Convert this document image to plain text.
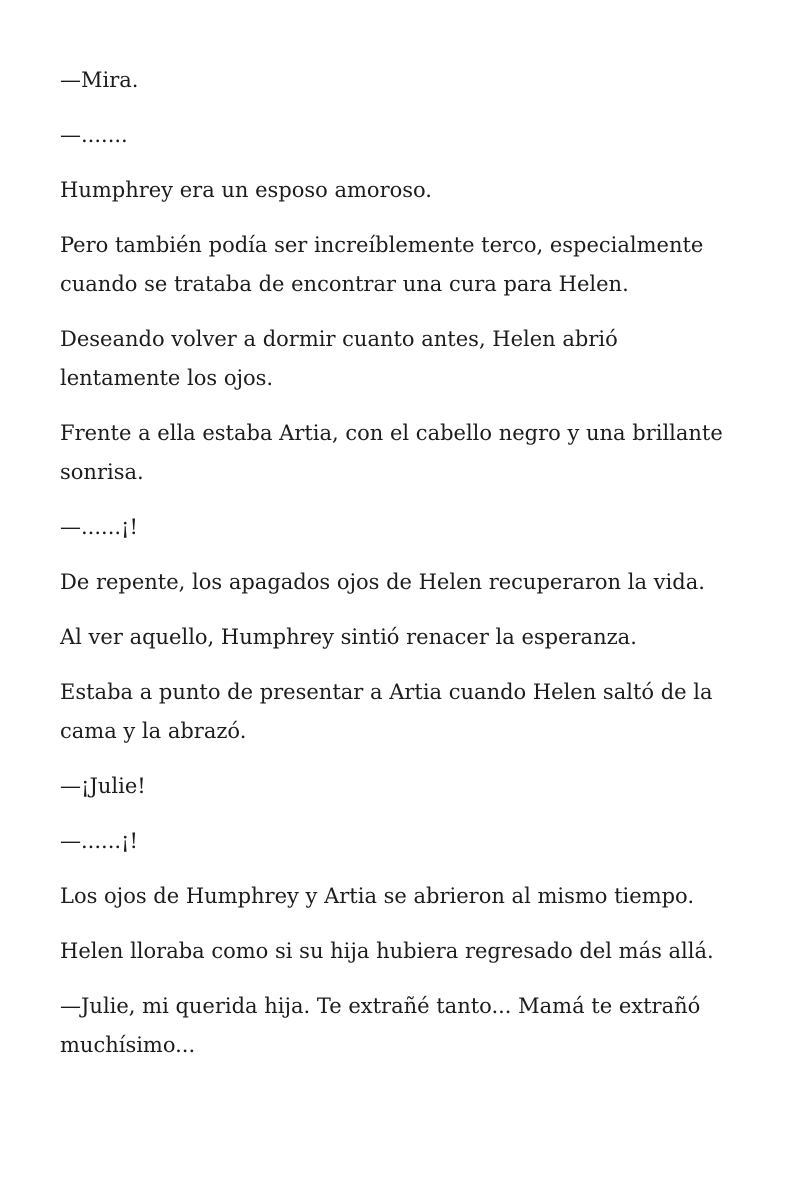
—Mira.

—.......

Humphrey era un esposo amoroso.

Pero también podía ser increíblemente terco, especialmente cuando se trataba de encontrar una cura para Helen.

Deseando volver a dormir cuanto antes, Helen abrió lentamente los ojos.

Frente a ella estaba Artia, con el cabello negro y una brillante sonrisa.

—......¡!

De repente, los apagados ojos de Helen recuperaron la vida.

Al ver aquello, Humphrey sintió renacer la esperanza.

Estaba a punto de presentar a Artia cuando Helen saltó de la cama y la abrazó.

—¡Julie!

—......¡!

Los ojos de Humphrey y Artia se abrieron al mismo tiempo.

Helen lloraba como si su hija hubiera regresado del más allá.

—Julie, mi querida hija. Te extrañé tanto... Mamá te extrañó muchísimo...
